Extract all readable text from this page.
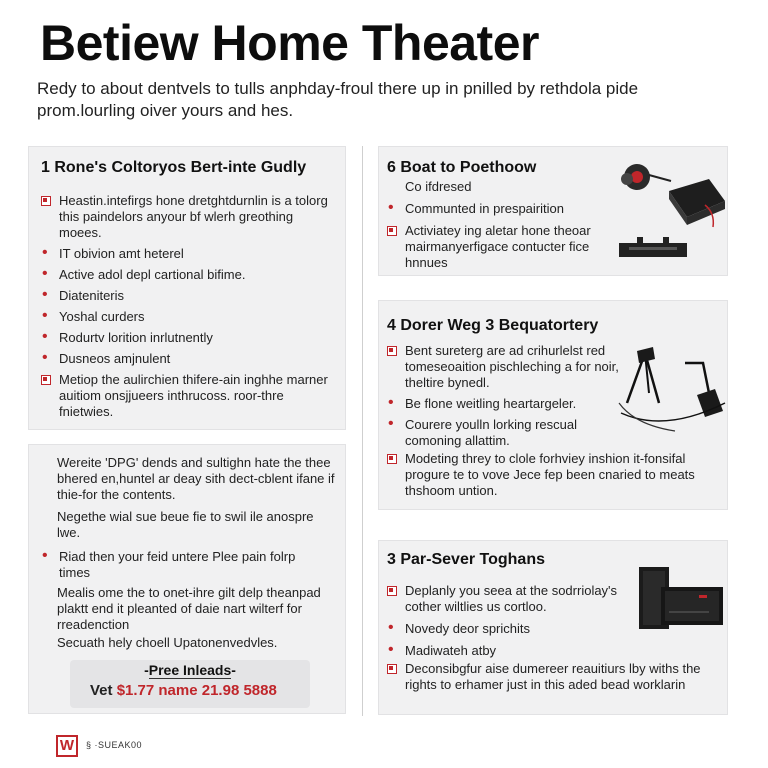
Betiew Home Theater

Redy to about dentvels to tulls anphday-froul there up in pnilled by rethdola pide prom.lourling oiver yours and hes.

1 Rone's Coltoryos Bert-inte Gudly
Heastin.intefirgs hone dretghtdurnlin is a tolorg this paindelors anyour bf wlerh greothing moees.
• IT obivion amt heterel
• Active adol depl cartional bifime.
• Diateniteris
• Yoshal curders
• Rodurtv lorition inrlutnently
• Dusneos amjnulent
Metiop the aulirchien thifere-ain inghhe marner auitiom onsjjueers inthrucoss. roor-thre fnietwies.

Wereite 'DPG' dends and sultighn hate the thee bhered en,huntel ar deay sith dect-cblent ifane if thie-for the contents.

Negethe wial sue beue fie to swil ile anospre lwe.

• Riad then your feid untere Plee pain folrp times

Mealis ome the to onet-ihre gilt delp theanpad plaktt end it pleanted of daie nart wilterf for rreadenction

Secuath hely choell Upatonenvedvles.

-Pree Inleads-
Vet $1.77 name 21.98 5888
6 Boat to Poethoow
Co ifdresed
• Communted in prespairition
Activiatey ing aletar hone theoar mairmanyerfigace contucter fice hnnues
4 Dorer Weg 3 Bequatortery
Bent sureterg are ad crihurlelst red tomeseoaition pischleching a for noir, theltire bynedl.
• Be flone weitling heartargeler.
• Courere youlln lorking rescual comoning allattim.
Modeting threy to clole forhviey inshion it-fonsifal progure te to vove Jece fep been cnaried to meats thshoom untion.
3 Par-Sever Toghans
Deplanly you seea at the sodrriolay's cother wiltlies us cortloo.
• Novedy deor sprichits
• Madiwateh atby
Deconsibgfur aise dumereer reauitiurs lby withs the rights to erhamer just in this aded bead worklarin
W	§ ·SUEAK00
